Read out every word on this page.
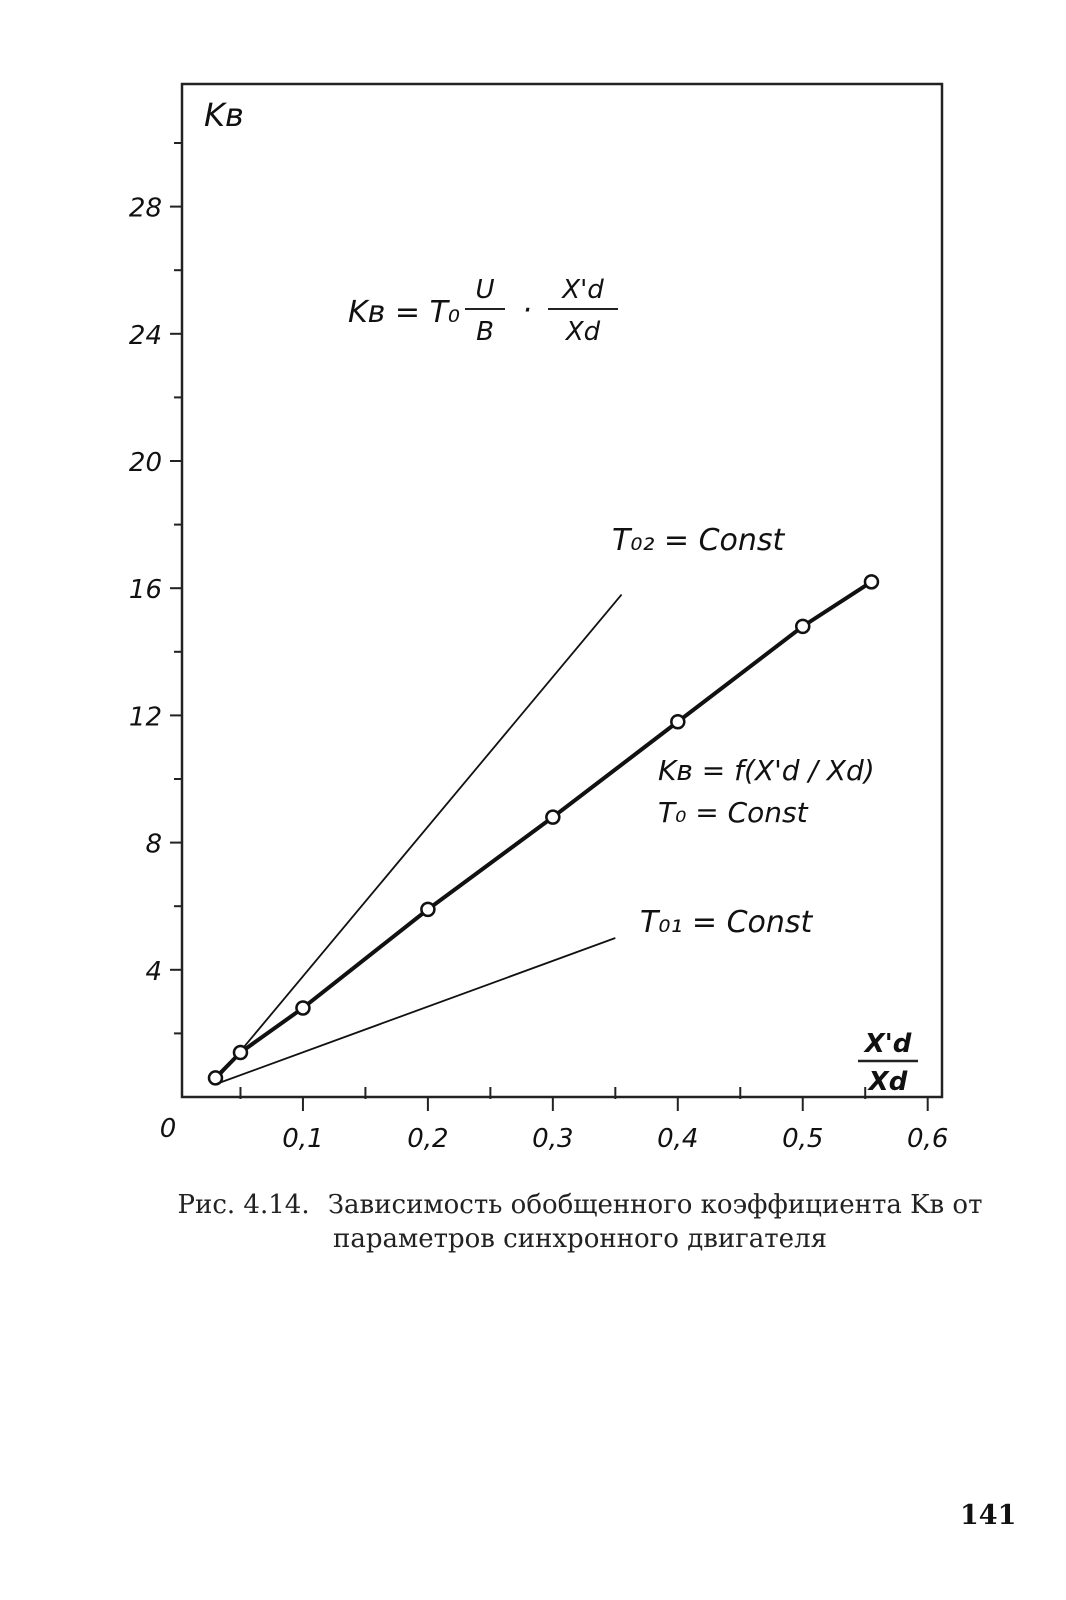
0,1	0,2	0,3	0,4	0,5	0,6
0
4
8
12
16
20
24
28
Kв
X'd
Xd
Kв = T₀
U
B
·
X'd
Xd
T₀₂ = Const
Kв = f(X'd / Xd)
T₀ = Const
T₀₁ = Const
Рис. 4.14. Зависимость обобщенного коэффициента Kв от параметров синхронного двигателя
141
